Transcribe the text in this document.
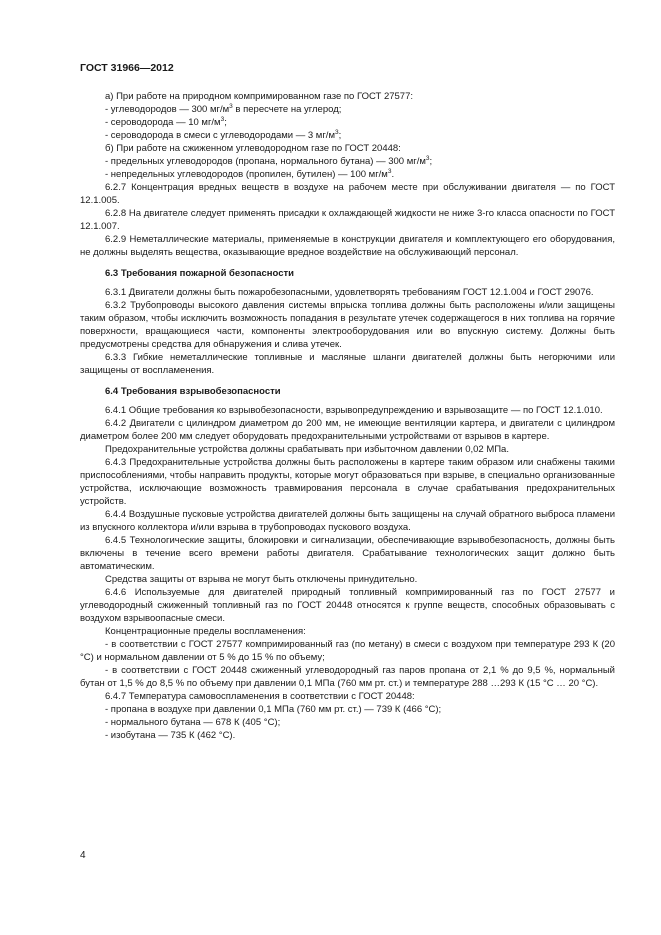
ГОСТ 31966—2012

а) При работе на природном компримированном газе по ГОСТ 27577:

- углеводородов — 300 $мг/м^3$ в пересчете на углерод;

- сероводорода — 10 $мг/м^3$;

- сероводорода в смеси с углеводородами — 3 $мг/м^3$;

б) При работе на сжиженном углеводородном газе по ГОСТ 20448:

- предельных углеводородов (пропана, нормального бутана) — 300 $мг/м^3$;

- непредельных углеводородов (пропилен, бутилен) — 100 $мг/м^3$.

6.2.7 Концентрация вредных веществ в воздухе на рабочем месте при обслуживании двигателя — по ГОСТ 12.1.005.

6.2.8 На двигателе следует применять присадки к охлаждающей жидкости не ниже 3-го класса опасности по ГОСТ 12.1.007.

6.2.9 Неметаллические материалы, применяемые в конструкции двигателя и комплектующего его оборудования, не должны выделять вещества, оказывающие вредное воздействие на обслуживающий персонал.

6.3 Требования пожарной безопасности

6.3.1 Двигатели должны быть пожаробезопасными, удовлетворять требованиям ГОСТ 12.1.004 и ГОСТ 29076.

6.3.2 Трубопроводы высокого давления системы впрыска топлива должны быть расположены и/или защищены таким образом, чтобы исключить возможность попадания в результате утечек содержащегося в них топлива на горячие поверхности, вращающиеся части, компоненты электрооборудования или во впускную систему. Должны быть предусмотрены средства для обнаружения и слива утечек.

6.3.3 Гибкие неметаллические топливные и масляные шланги двигателей должны быть негорючими или защищены от воспламенения.

6.4 Требования взрывобезопасности

6.4.1 Общие требования ко взрывобезопасности, взрывопредупреждению и взрывозащите — по ГОСТ 12.1.010.

6.4.2 Двигатели с цилиндром диаметром до 200 мм, не имеющие вентиляции картера, и двигатели с цилиндром диаметром более 200 мм следует оборудовать предохранительными устройствами от взрывов в картере.

Предохранительные устройства должны срабатывать при избыточном давлении 0,02 МПа.

6.4.3 Предохранительные устройства должны быть расположены в картере таким образом или снабжены такими приспособлениями, чтобы направить продукты, которые могут образоваться при взрыве, в специально организованные устройства, исключающие возможность травмирования персонала в случае срабатывания предохранительных устройств.

6.4.4 Воздушные пусковые устройства двигателей должны быть защищены на случай обратного выброса пламени из впускного коллектора и/или взрыва в трубопроводах пускового воздуха.

6.4.5 Технологические защиты, блокировки и сигнализации, обеспечивающие взрывобезопасность, должны быть включены в течение всего времени работы двигателя. Срабатывание технологических защит должно быть автоматическим.

Средства защиты от взрыва не могут быть отключены принудительно.

6.4.6 Используемые для двигателей природный топливный компримированный газ по ГОСТ 27577 и углеводородный сжиженный топливный газ по ГОСТ 20448 относятся к группе веществ, способных образовывать с воздухом взрывоопасные смеси.

Концентрационные пределы воспламенения:

- в соответствии с ГОСТ 27577 компримированный газ (по метану) в смеси с воздухом при температуре 293 К (20 °С) и нормальном давлении от 5 % до 15 % по объему;

- в соответствии с ГОСТ 20448 сжиженный углеводородный газ паров пропана от 2,1 % до 9,5 %, нормальный бутан от 1,5 % до 8,5 % по объему при давлении 0,1 МПа (760 мм рт. ст.) и температуре 288 …293 К (15 °С … 20 °С).

6.4.7 Температура самовоспламенения в соответствии с ГОСТ 20448:

- пропана в воздухе при давлении 0,1 МПа (760 мм рт. ст.) — 739 К (466 °С);

- нормального бутана — 678 К (405 °С);

- изобутана — 735 К (462 °С).

4
